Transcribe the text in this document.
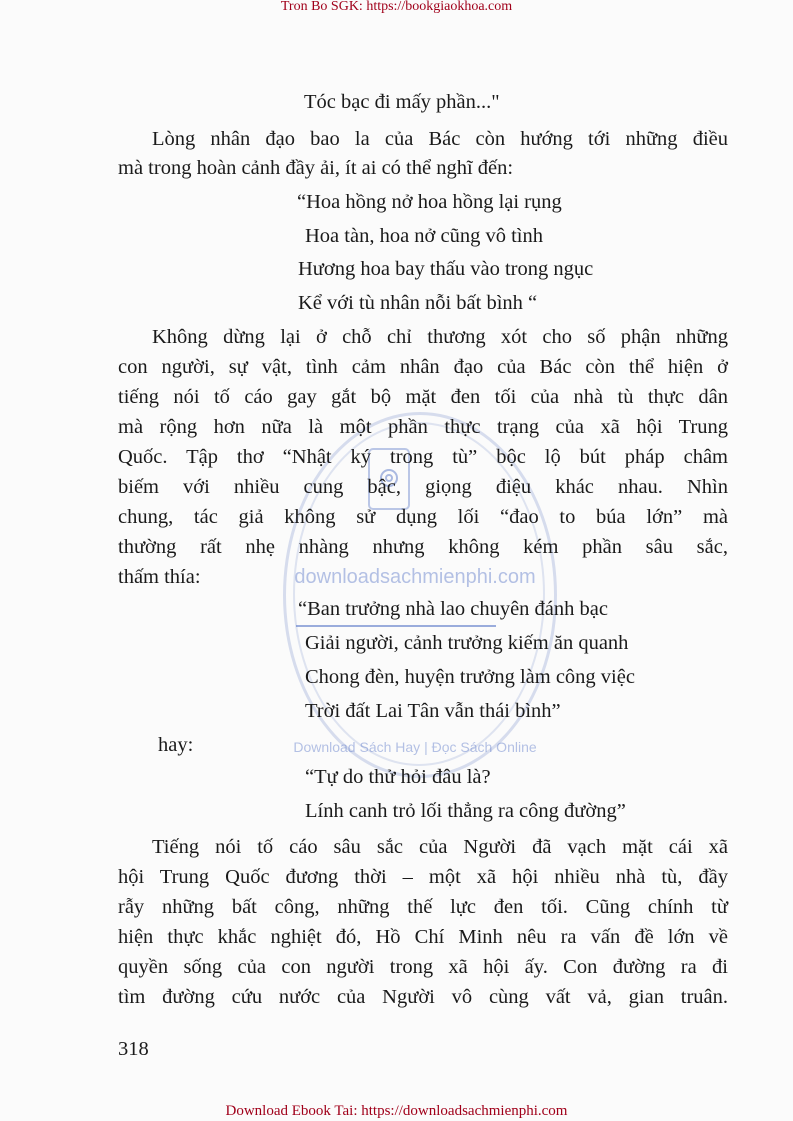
Tron Bo SGK: https://bookgiaokhoa.com
downloadsachmienphi.com
Download Sách Hay | Đọc Sách Online
Tóc bạc đi mấy phần..."
Lòng nhân đạo bao la của Bác còn hướng tới những điều
mà trong hoàn cảnh đầy ải, ít ai có thể nghĩ đến:
“Hoa hồng nở hoa hồng lại rụng
Hoa tàn, hoa nở cũng vô tình
Hương hoa bay thấu vào trong ngục
Kể với tù nhân nỗi bất bình “
Không dừng lại ở chỗ chỉ thương xót cho số phận những
con người, sự vật, tình cảm nhân đạo của Bác còn thể hiện ở
tiếng nói tố cáo gay gắt bộ mặt đen tối của nhà tù thực dân
mà rộng hơn nữa là một phần thực trạng của xã hội Trung
Quốc. Tập thơ “Nhật ký trong tù” bộc lộ bút pháp châm
biếm với nhiều cung bậc, giọng điệu khác nhau. Nhìn
chung, tác giả không sử dụng lối “đao to búa lớn” mà
thường rất nhẹ nhàng nhưng không kém phần sâu sắc,
thấm thía:
“Ban trưởng nhà lao chuyên đánh bạc
Giải người, cảnh trưởng kiếm ăn quanh
Chong đèn, huyện trưởng làm công việc
Trời đất Lai Tân vẫn thái bình”
hay:
“Tự do thử hỏi đâu là?
Lính canh trỏ lối thẳng ra công đường”
Tiếng nói tố cáo sâu sắc của Người đã vạch mặt cái xã
hội Trung Quốc đương thời – một xã hội nhiều nhà tù, đầy
rẫy những bất công, những thế lực đen tối. Cũng chính từ
hiện thực khắc nghiệt đó, Hồ Chí Minh nêu ra vấn đề lớn về
quyền sống của con người trong xã hội ấy. Con đường ra đi
tìm đường cứu nước của Người vô cùng vất vả, gian truân.
318
Download Ebook Tai: https://downloadsachmienphi.com
